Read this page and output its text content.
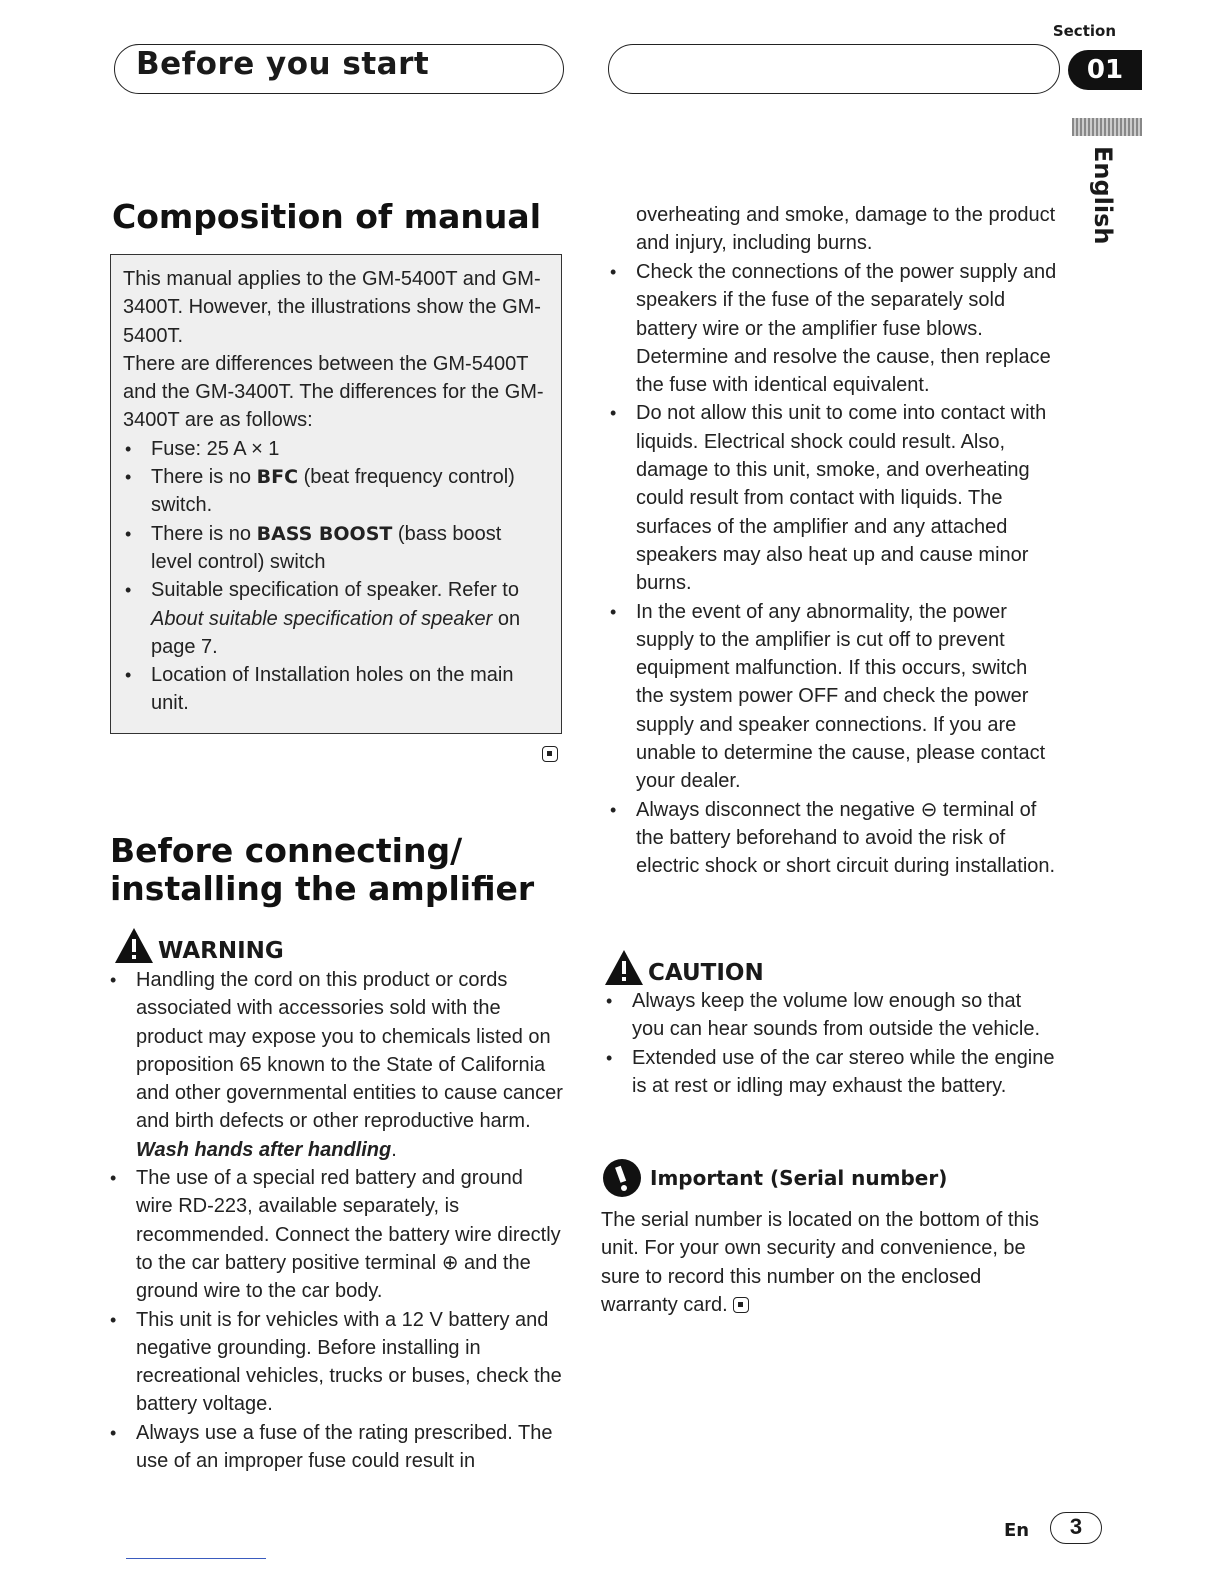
Before you start
Section
01
English
Composition of manual

This manual applies to the GM-5400T and GM-3400T. However, the illustrations show the GM-5400T.

There are differences between the GM-5400T and the GM-3400T. The differences for the GM-3400T are as follows:

• Fuse: 25 A × 1
• There is no BFC (beat frequency control) switch.
• There is no BASS BOOST (bass boost level control) switch
• Suitable specification of speaker. Refer to About suitable specification of speaker on page 7.
• Location of Installation holes on the main unit.
Before connecting/
installing the amplifier
WARNING
• Handling the cord on this product or cords associated with accessories sold with the product may expose you to chemicals listed on proposition 65 known to the State of California and other governmental entities to cause cancer and birth defects or other reproductive harm. Wash hands after handling.
• The use of a special red battery and ground wire RD-223, available separately, is recommended. Connect the battery wire directly to the car battery positive terminal ⊕ and the ground wire to the car body.
• This unit is for vehicles with a 12 V battery and negative grounding. Before installing in recreational vehicles, trucks or buses, check the battery voltage.
• Always use a fuse of the rating prescribed. The use of an improper fuse could result in
overheating and smoke, damage to the product and injury, including burns.
• Check the connections of the power supply and speakers if the fuse of the separately sold battery wire or the amplifier fuse blows. Determine and resolve the cause, then replace the fuse with identical equivalent.
• Do not allow this unit to come into contact with liquids. Electrical shock could result. Also, damage to this unit, smoke, and overheating could result from contact with liquids. The surfaces of the amplifier and any attached speakers may also heat up and cause minor burns.
• In the event of any abnormality, the power supply to the amplifier is cut off to prevent equipment malfunction. If this occurs, switch the system power OFF and check the power supply and speaker connections. If you are unable to determine the cause, please contact your dealer.
• Always disconnect the negative ⊖ terminal of the battery beforehand to avoid the risk of electric shock or short circuit during installation.
CAUTION
• Always keep the volume low enough so that you can hear sounds from outside the vehicle.
• Extended use of the car stereo while the engine is at rest or idling may exhaust the battery.
Important (Serial number)
The serial number is located on the bottom of this unit. For your own security and convenience, be sure to record this number on the enclosed warranty card.
En	3
